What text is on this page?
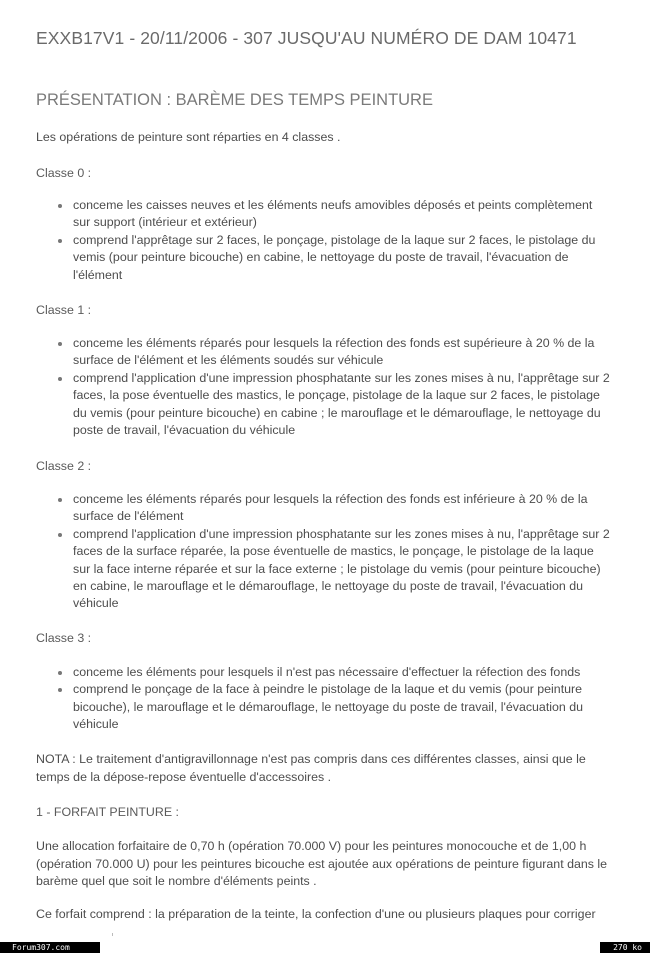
EXXB17V1 - 20/11/2006 - 307 JUSQU'AU NUMÉRO DE DAM 10471
PRÉSENTATION : BARÈME DES TEMPS PEINTURE
Les opérations de peinture sont réparties en 4 classes .
Classe 0 :
conceme les caisses neuves et les éléments neufs amovibles déposés et peints complètement
sur support (intérieur et extérieur)
comprend l'apprêtage sur 2 faces, le ponçage, pistolage de la laque sur 2 faces, le pistolage du
vemis (pour peinture bicouche) en cabine, le nettoyage du poste de travail, l'évacuation de
l'élément
Classe 1 :
conceme les éléments réparés pour lesquels la réfection des fonds est supérieure à 20 % de la
surface de l'élément et les éléments soudés sur véhicule
comprend l'application d'une impression phosphatante sur les zones mises à nu, l'apprêtage sur 2
faces, la pose éventuelle des mastics, le ponçage, pistolage de la laque sur 2 faces, le pistolage
du vemis (pour peinture bicouche) en cabine ; le marouflage et le démarouflage, le nettoyage du
poste de travail, l'évacuation du véhicule
Classe 2 :
conceme les éléments réparés pour lesquels la réfection des fonds est inférieure à 20 % de la
surface de l'élément
comprend l'application d'une impression phosphatante sur les zones mises à nu, l'apprêtage sur 2
faces de la surface réparée, la pose éventuelle de mastics, le ponçage, le pistolage de la laque
sur la face interne réparée et sur la face externe ; le pistolage du vemis (pour peinture bicouche)
en cabine, le marouflage et le démarouflage, le nettoyage du poste de travail, l'évacuation du
véhicule
Classe 3 :
conceme les éléments pour lesquels il n'est pas nécessaire d'effectuer la réfection des fonds
comprend le ponçage de la face à peindre le pistolage de la laque et du vemis (pour peinture
bicouche), le marouflage et le démarouflage, le nettoyage du poste de travail, l'évacuation du
véhicule
NOTA : Le traitement d'antigravillonnage n'est pas compris dans ces différentes classes, ainsi que le
temps de la dépose-repose éventuelle d'accessoires .
1 - FORFAIT PEINTURE :
Une allocation forfaitaire de 0,70 h (opération 70.000 V) pour les peintures monocouche et de 1,00 h
(opération 70.000 U) pour les peintures bicouche est ajoutée aux opérations de peinture figurant dans le
barème quel que soit le nombre d'éléments peints .
Ce forfait comprend : la préparation de la teinte, la confection d'une ou plusieurs plaques pour corriger
Forum307.com	270 ko
